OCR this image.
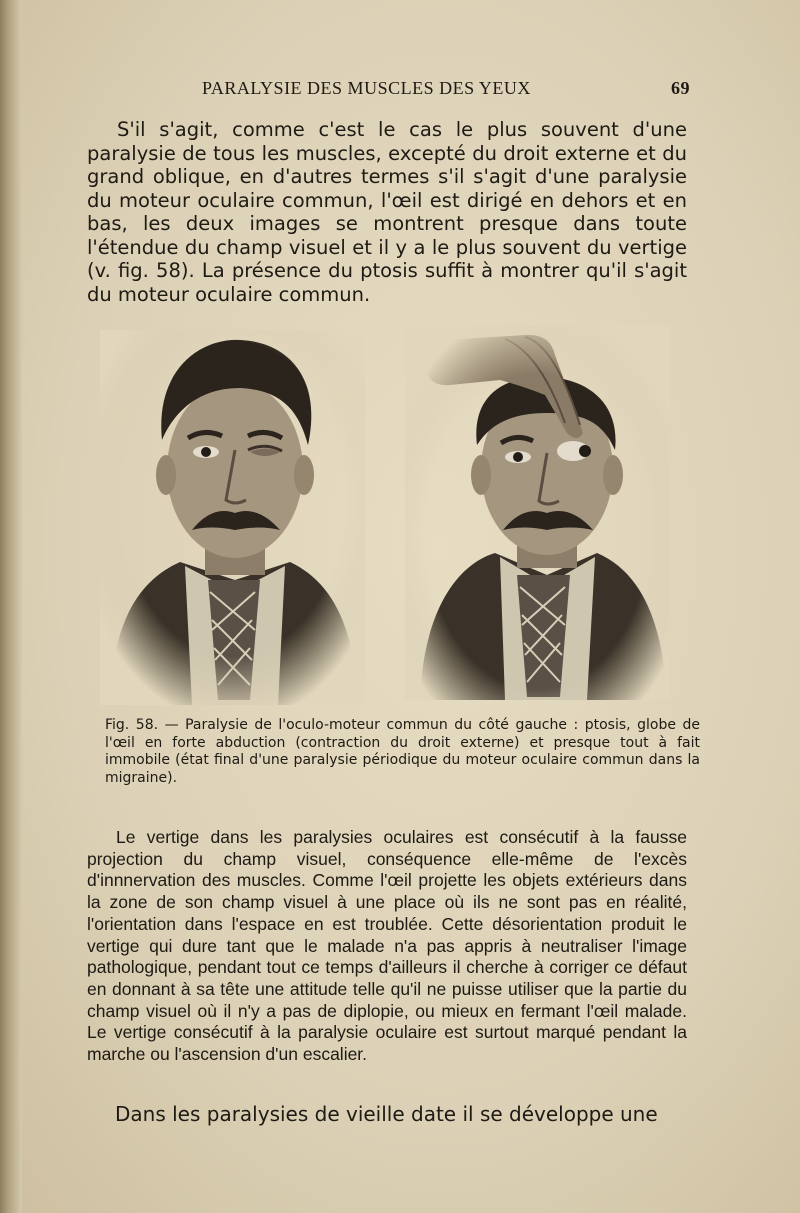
PARALYSIE DES MUSCLES DES YEUX	69

S'il s'agit, comme c'est le cas le plus souvent d'une paralysie de tous les muscles, excepté du droit externe et du grand oblique, en d'autres termes s'il s'agit d'une paralysie du moteur oculaire commun, l'œil est dirigé en dehors et en bas, les deux images se montrent presque dans toute l'étendue du champ visuel et il y a le plus souvent du vertige (v. fig. 58). La présence du ptosis suffit à montrer qu'il s'agit du moteur oculaire commun.

Fig. 58. — Paralysie de l'oculo-moteur commun du côté gauche : ptosis, globe de l'œil en forte abduction (contraction du droit externe) et presque tout à fait immobile (état final d'une paralysie périodique du moteur oculaire commun dans la migraine).

Le vertige dans les paralysies oculaires est consécutif à la fausse projection du champ visuel, conséquence elle-même de l'excès d'innnervation des muscles. Comme l'œil projette les objets extérieurs dans la zone de son champ visuel à une place où ils ne sont pas en réalité, l'orientation dans l'espace en est troublée. Cette désorientation produit le vertige qui dure tant que le malade n'a pas appris à neutraliser l'image pathologique, pendant tout ce temps d'ailleurs il cherche à corriger ce défaut en donnant à sa tête une attitude telle qu'il ne puisse utiliser que la partie du champ visuel où il n'y a pas de diplopie, ou mieux en fermant l'œil malade. Le vertige consécutif à la paralysie oculaire est surtout marqué pendant la marche ou l'ascension d'un escalier.

Dans les paralysies de vieille date il se développe une
